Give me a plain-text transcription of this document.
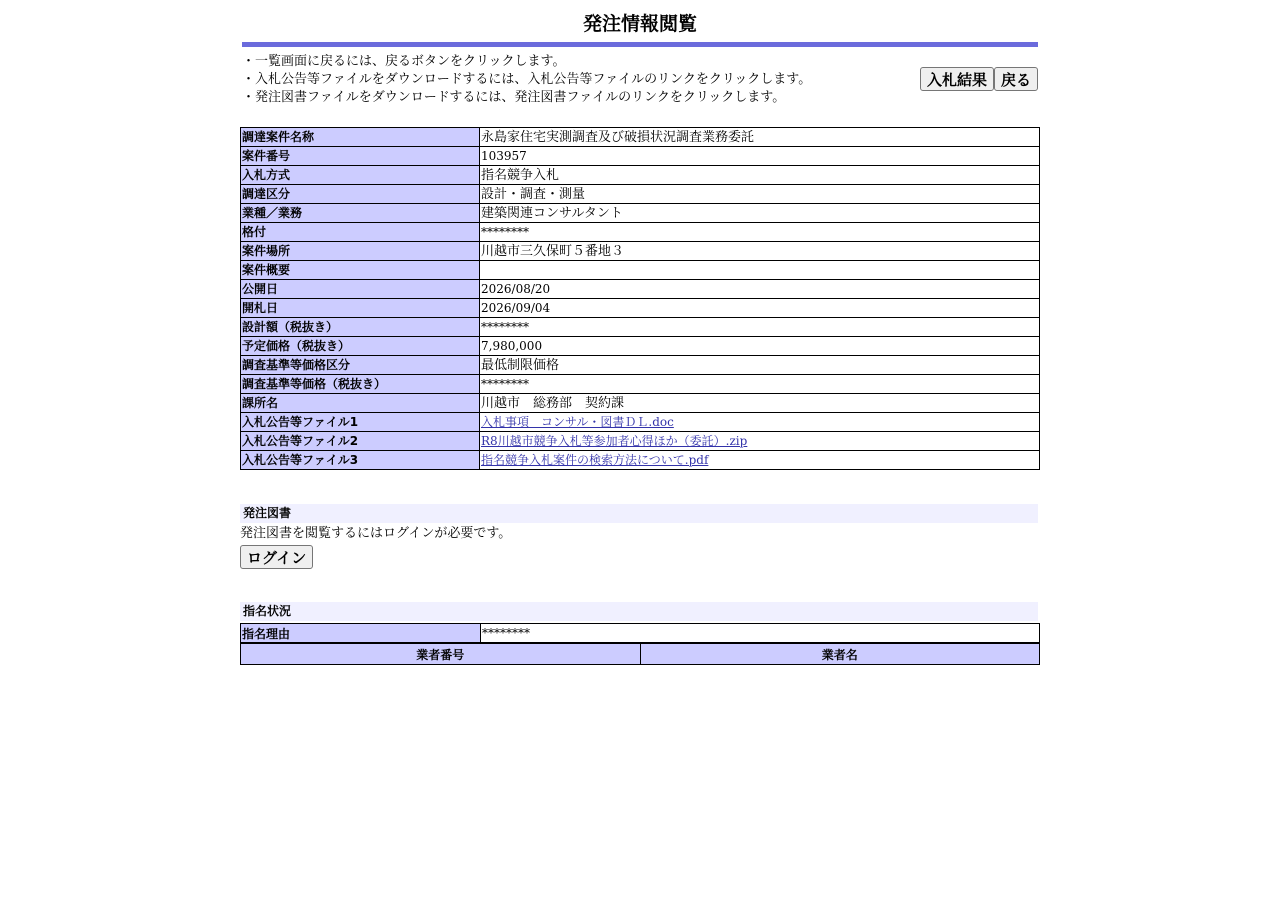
発注情報閲覧
・一覧画面に戻るには、戻るボタンをクリックします。
・入札公告等ファイルをダウンロードするには、入札公告等ファイルのリンクをクリックします。
・発注図書ファイルをダウンロードするには、発注図書ファイルのリンクをクリックします。
入札結果 戻る
調達案件名称	永島家住宅実測調査及び破損状況調査業務委託
案件番号	103957
入札方式	指名競争入札
調達区分	設計・調査・測量
業種／業務	建築関連コンサルタント
格付	********
案件場所	川越市三久保町５番地３
案件概要	
公開日	2026/08/20
開札日	2026/09/04
設計額（税抜き）	********
予定価格（税抜き）	7,980,000
調査基準等価格区分	最低制限価格
調査基準等価格（税抜き）	********
課所名	川越市　総務部　契約課
入札公告等ファイル1	入札事項　コンサル・図書ＤＬ.doc
入札公告等ファイル2	R8川越市競争入札等参加者心得ほか（委託）.zip
入札公告等ファイル3	指名競争入札案件の検索方法について.pdf
発注図書
発注図書を閲覧するにはログインが必要です。
ログイン
指名状況
指名理由	********
業者番号	業者名
